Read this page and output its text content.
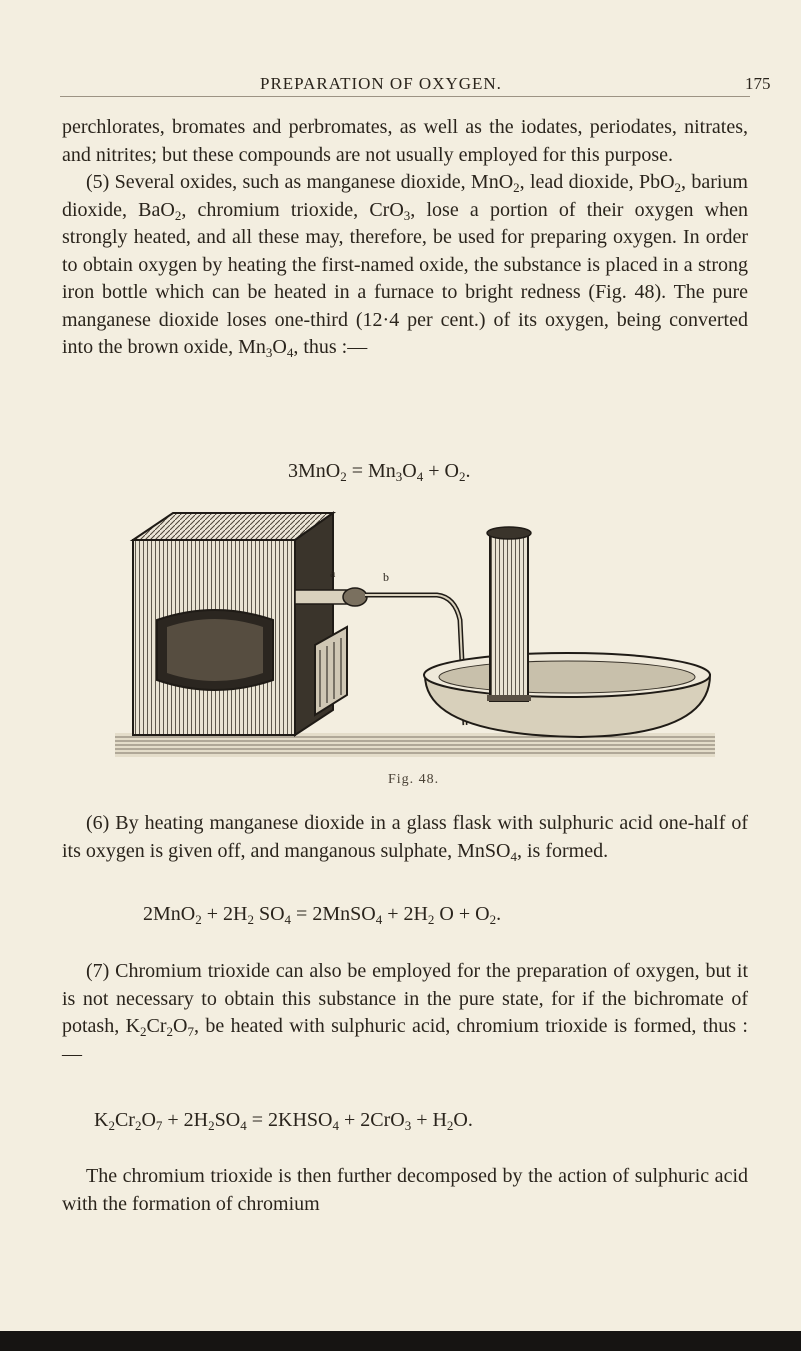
PREPARATION OF OXYGEN.	175

perchlorates, bromates and perbromates, as well as the iodates, periodates, nitrates, and nitrites; but these compounds are not usually employed for this purpose.

(5) Several oxides, such as manganese dioxide, MnO$_2$, lead dioxide, PbO$_2$, barium dioxide, BaO$_2$, chromium trioxide, CrO$_3$, lose a portion of their oxygen when strongly heated, and all these may, therefore, be used for preparing oxygen. In order to obtain oxygen by heating the first-named oxide, the substance is placed in a strong iron bottle which can be heated in a furnace to bright redness (Fig. 48). The pure manganese dioxide loses one-third (12·4 per cent.) of its oxygen, being converted into the brown oxide, $Mn_3O_4$, thus :—

$3MnO_2 = Mn_3O_4 + O_2$.
a	b
Fig. 48.

(6) By heating manganese dioxide in a glass flask with sulphuric acid one-half of its oxygen is given off, and manganous sulphate, MnSO$_4$, is formed.

$2MnO_2 + 2H_2$ $SO_4$ = 2MnSO$_4$ + $2H_2$ $O + O_2$.

(7) Chromium trioxide can also be employed for the preparation of oxygen, but it is not necessary to obtain this substance in the pure state, for if the bichromate of potash, $K_2Cr_2O_7$, be heated with sulphuric acid, chromium trioxide is formed, thus :—

$K_2Cr_2O_7 + 2H_2SO_4$ = $2KHSO_4 + 2CrO_3 + H_2O$.

The chromium trioxide is then further decomposed by the action of sulphuric acid with the formation of chromium
